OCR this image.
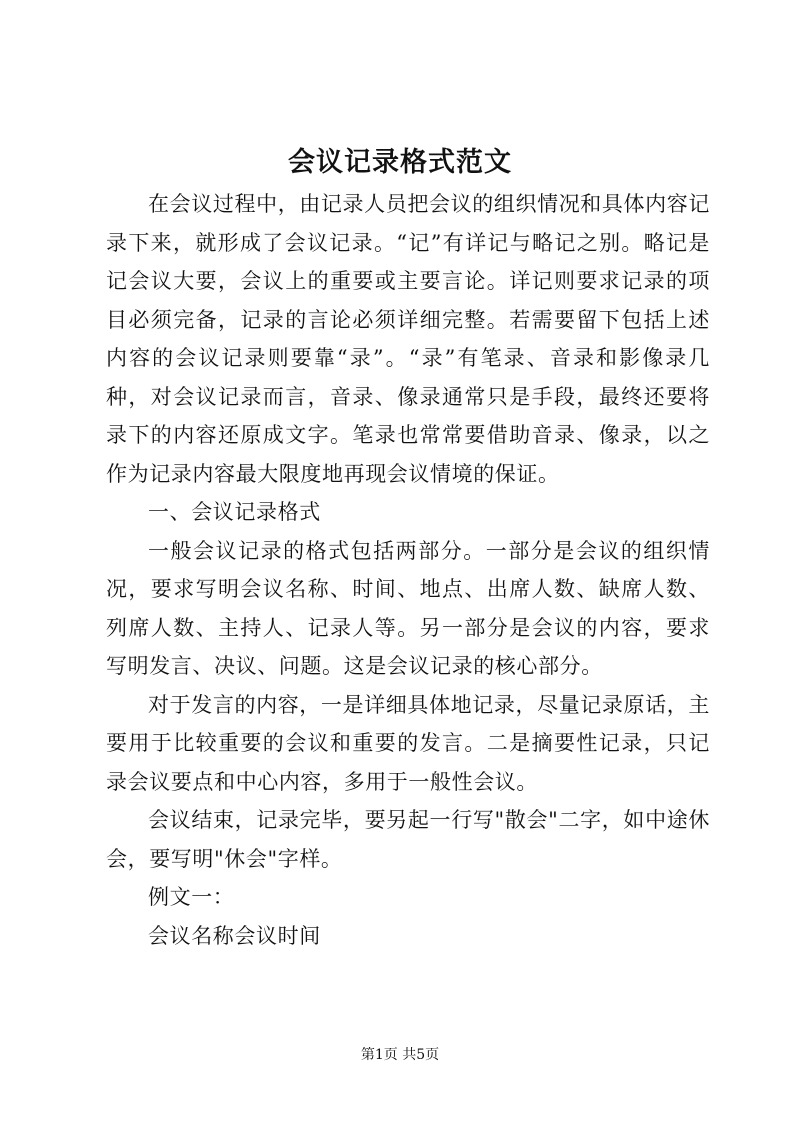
会议记录格式范文

在会议过程中，由记录人员把会议的组织情况和具体内容记录下来，就形成了会议记录。“记”有详记与略记之别。略记是记会议大要，会议上的重要或主要言论。详记则要求记录的项目必须完备，记录的言论必须详细完整。若需要留下包括上述内容的会议记录则要靠“录”。“录”有笔录、音录和影像录几种，对会议记录而言，音录、像录通常只是手段，最终还要将录下的内容还原成文字。笔录也常常要借助音录、像录，以之作为记录内容最大限度地再现会议情境的保证。

一、会议记录格式

一般会议记录的格式包括两部分。一部分是会议的组织情况，要求写明会议名称、时间、地点、出席人数、缺席人数、列席人数、主持人、记录人等。另一部分是会议的内容，要求写明发言、决议、问题。这是会议记录的核心部分。

对于发言的内容，一是详细具体地记录，尽量记录原话，主要用于比较重要的会议和重要的发言。二是摘要性记录，只记录会议要点和中心内容，多用于一般性会议。

会议结束，记录完毕，要另起一行写"散会"二字，如中途休会，要写明"休会"字样。

例文一：

会议名称会议时间

第1页 共5页
